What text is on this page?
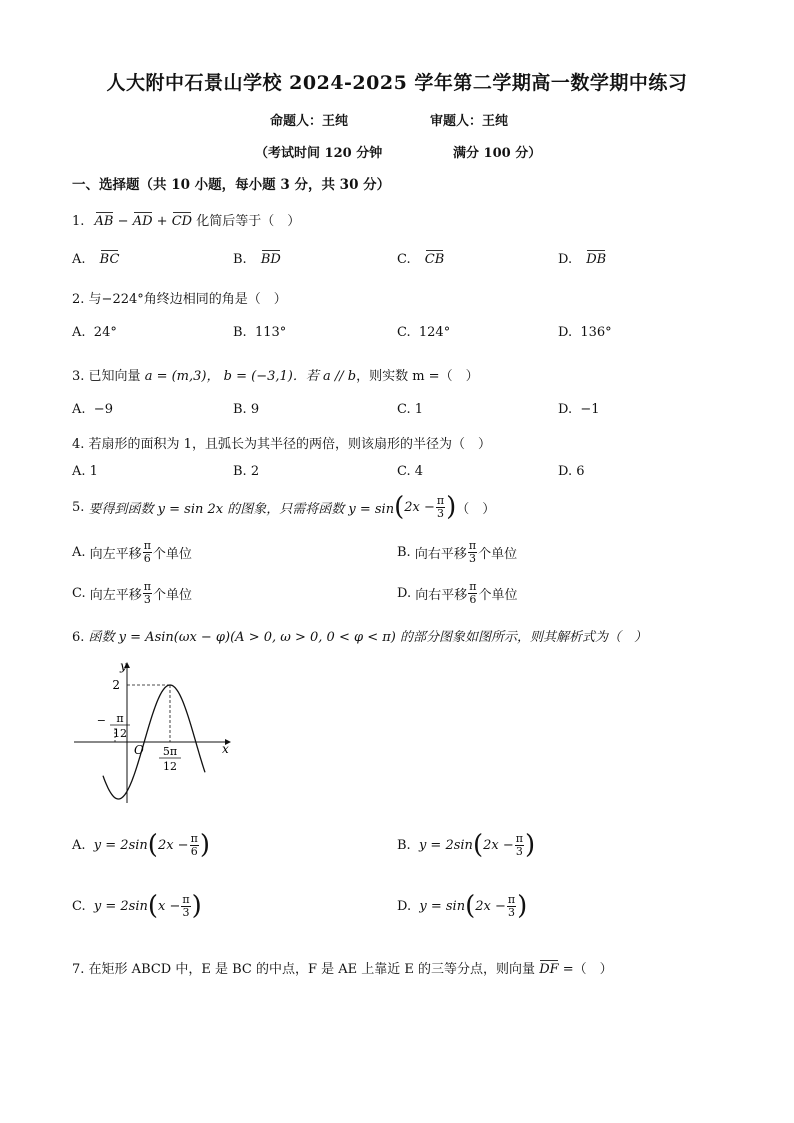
人大附中石景山学校 2024-2025 学年第二学期高一数学期中练习
命题人：王纯	审题人：王纯
（考试时间 120 分钟	满分 100 分）
一、选择题（共 10 小题，每小题 3 分，共 30 分）
1. AB − AD + CD 化简后等于（　）
A. BC	B. BD	C. CB	D. DB
2. 与−224°角终边相同的角是（　）
A. 24°	B. 113°	C. 124°	D. 136°
3. 已知向量 a = (m,3)， b = (−3,1)．若 a // b，则实数 m =（　）
A. −9	B. 9	C. 1	D. −1
4. 若扇形的面积为 1，且弧长为其半径的两倍，则该扇形的半径为（　）
A. 1	B. 2	C. 4	D. 6
5.
要得到函数 y = sin 2x 的图象，只需将函数 y = sin ( $2x - \frac{\pi}{3}$ ) （　）
A.
向左平移 $\frac{\pi}{6}$ 个单位	B.
向右平移 $\frac{\pi}{3}$ 个单位
C.
向左平移 $\frac{\pi}{3}$ 个单位	D.
向右平移 $\frac{\pi}{6}$ 个单位
6. 函数 y = Asin(ωx − φ)(A > 0, ω > 0, 0 < φ < π) 的部分图象如图所示，则其解析式为（　）
y
x
O
2
− π
12
5π
12
A.
y = 2sin ( $2x - \frac{\pi}{6}$ )	B.
y = 2sin ( $2x - \frac{\pi}{3}$ )
C.
y = 2sin ( $x - \frac{\pi}{3}$ )	D.
y = sin ( $2x - \frac{\pi}{3}$ )
7. 在矩形 ABCD 中，E 是 BC 的中点，F 是 AE 上靠近 E 的三等分点，则向量 DF =（　）
